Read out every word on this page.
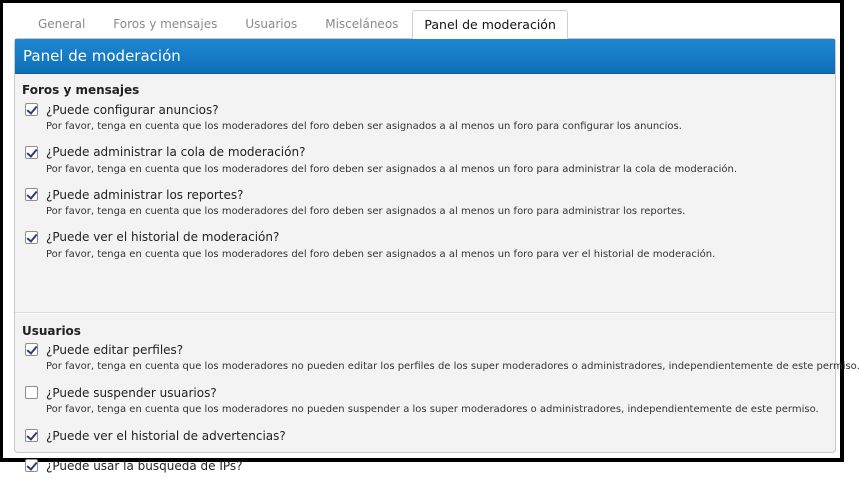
General	Foros y mensajes	Usuarios	Misceláneos	Panel de moderación
Panel de moderación
Foros y mensajes
¿Puede configurar anuncios?
Por favor, tenga en cuenta que los moderadores del foro deben ser asignados a al menos un foro para configurar los anuncios.
¿Puede administrar la cola de moderación?
Por favor, tenga en cuenta que los moderadores del foro deben ser asignados a al menos un foro para administrar la cola de moderación.
¿Puede administrar los reportes?
Por favor, tenga en cuenta que los moderadores del foro deben ser asignados a al menos un foro para administrar los reportes.
¿Puede ver el historial de moderación?
Por favor, tenga en cuenta que los moderadores del foro deben ser asignados a al menos un foro para ver el historial de moderación.
Usuarios
¿Puede editar perfiles?
Por favor, tenga en cuenta que los moderadores no pueden editar los perfiles de los super moderadores o administradores, independientemente de este permiso.
¿Puede suspender usuarios?
Por favor, tenga en cuenta que los moderadores no pueden suspender a los super moderadores o administradores, independientemente de este permiso.
¿Puede ver el historial de advertencias?
¿Puede usar la búsqueda de IPs?
